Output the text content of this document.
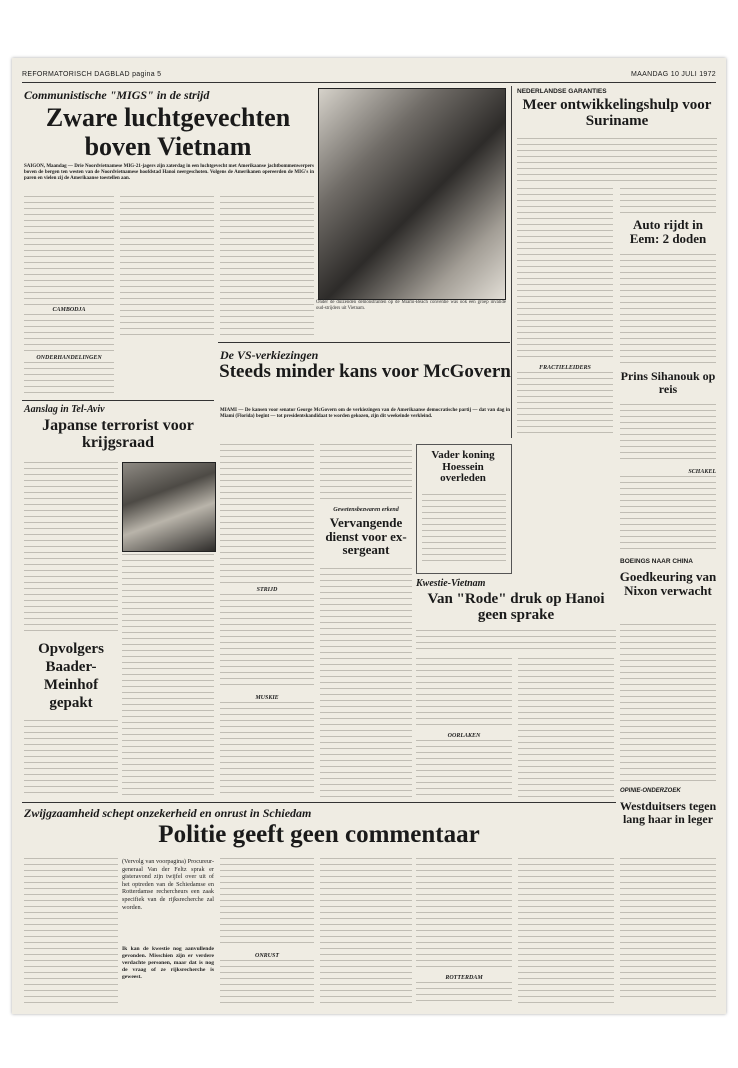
REFORMATORISCH DAGBLAD pagina 5	MAANDAG 10 JULI 1972
Communistische "MIGS" in de strijd
Zware luchtgevechten
boven Vietnam
SAIGON, Maandag — Drie Noordvietnamese MIG-21-jagers zijn zaterdag in een luchtgevecht met Amerikaanse jachtbommenwerpers boven de bergen ten westen van de Noordvietnamese hoofdstad Hanoi neergeschoten. Volgens de Amerikanen opereerden de MIG's in paren en vielen zij de Amerikaanse toestellen aan.
CAMBODJA
ONDERHANDELINGEN
Onder de duizenden demonstranten op de Miami-Beach conventie was ook een groep invalide oud-strijders uit Vietnam.
NEDERLANDSE GARANTIES
Meer ontwikkelingshulp voor Suriname
FRACTIELEIDERS
Auto rijdt in Eem: 2 doden
Prins Sihanouk op reis
SCHAKEL
BOEINGS NAAR CHINA
Goedkeuring van Nixon verwacht
OPINIE-ONDERZOEK
Westduitsers tegen lang haar in leger
De VS-verkiezingen
Steeds minder kans voor McGovern
MIAMI — De kansen voor senator George McGovern om de verkiezingen van de Amerikaanse democratische partij — dat van dag in Miami (Florida) begint — tot presidentskandidaat te worden gekozen, zijn dit weekeinde verkleind.
STRIJD
MUSKIE
Gewetensbezwaren erkend
Vervangende dienst voor ex-sergeant
Vader koning Hoessein overleden
Kwestie-Vietnam
Van "Rode" druk op Hanoi geen sprake
OORLAKEN
Aanslag in Tel-Aviv
Japanse terrorist voor krijgsraad
Opvolgers Baader-Meinhof gepakt
Zwijgzaamheid schept onzekerheid en onrust in Schiedam
Politie geeft geen commentaar
(Vervolg van voorpagina) Procureur-generaal Van der Feltz sprak er gisteravond zijn twijfel over uit of het optreden van de Schiedamse en Rotterdamse rechercheurs een zaak specifiek van de rijksrecherche zal worden.
Ik kan de kwestie nog aanvullende gevonden. Misschien zijn er verdere verdachte personen, maar dat is nog de vraag of ze rijksrecherche is geweest.
ONRUST
ROTTERDAM
